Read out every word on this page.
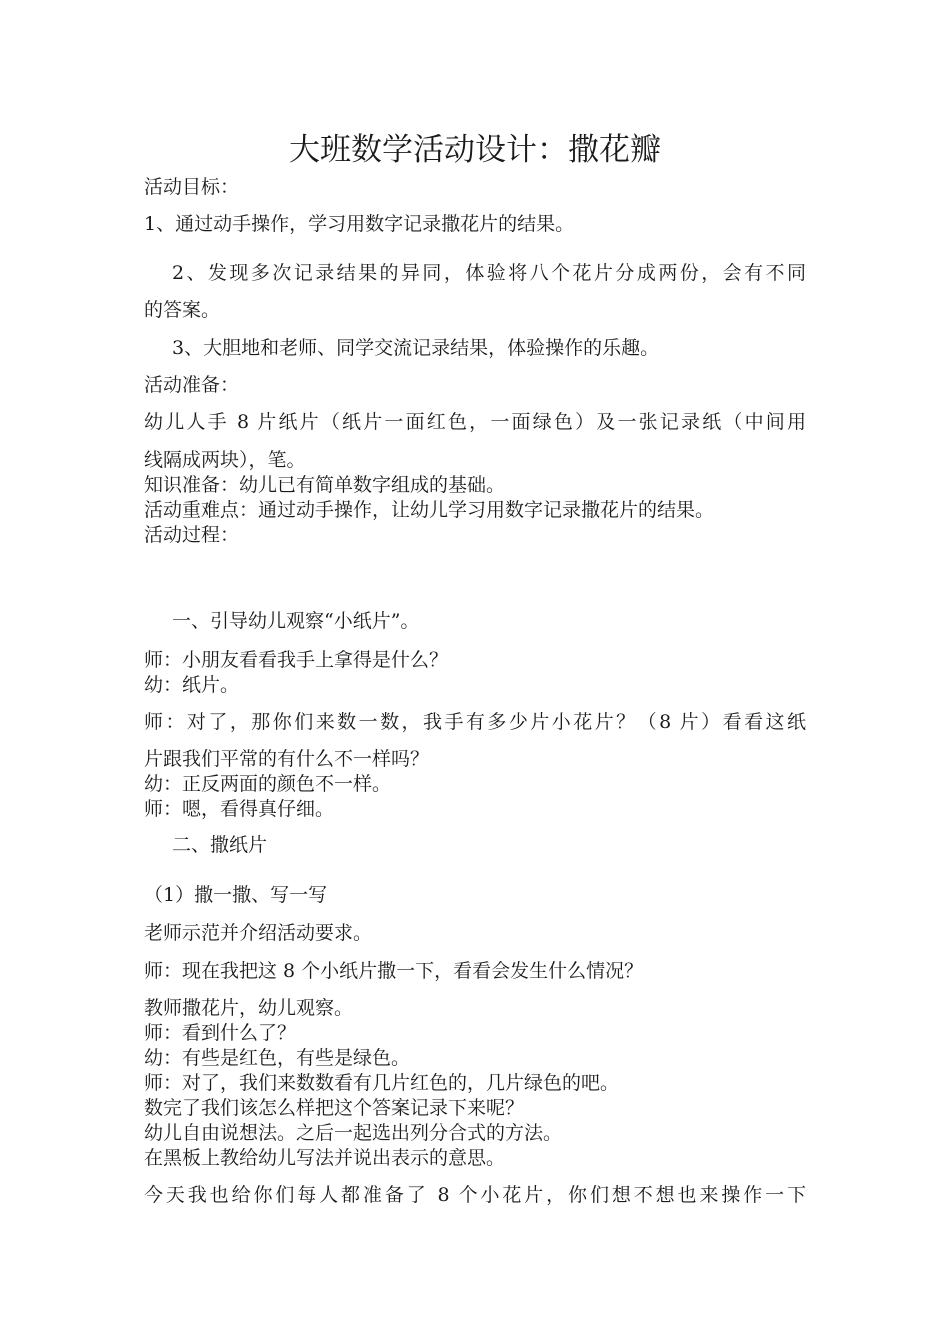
大班数学活动设计：撒花瓣
活动目标：
1、通过动手操作，学习用数字记录撒花片的结果。
2、发现多次记录结果的异同，体验将八个花片分成两份，会有不同
的答案。
3、大胆地和老师、同学交流记录结果，体验操作的乐趣。
活动准备：
幼儿人手 8 片纸片（纸片一面红色，一面绿色）及一张记录纸（中间用
线隔成两块），笔。
知识准备：幼儿已有简单数字组成的基础。
活动重难点：通过动手操作，让幼儿学习用数字记录撒花片的结果。
活动过程：
一、引导幼儿观察“小纸片”。
师：小朋友看看我手上拿得是什么？
幼：纸片。
师：对了，那你们来数一数，我手有多少片小花片？（8 片）看看这纸
片跟我们平常的有什么不一样吗？
幼：正反两面的颜色不一样。
师：嗯，看得真仔细。
二、撒纸片
（1）撒一撒、写一写
老师示范并介绍活动要求。
师：现在我把这 8 个小纸片撒一下，看看会发生什么情况？
教师撒花片，幼儿观察。
师：看到什么了？
幼：有些是红色，有些是绿色。
师：对了，我们来数数看有几片红色的，几片绿色的吧。
数完了我们该怎么样把这个答案记录下来呢？
幼儿自由说想法。之后一起选出列分合式的方法。
在黑板上教给幼儿写法并说出表示的意思。
今天我也给你们每人都准备了 8 个小花片，你们想不想也来操作一下
